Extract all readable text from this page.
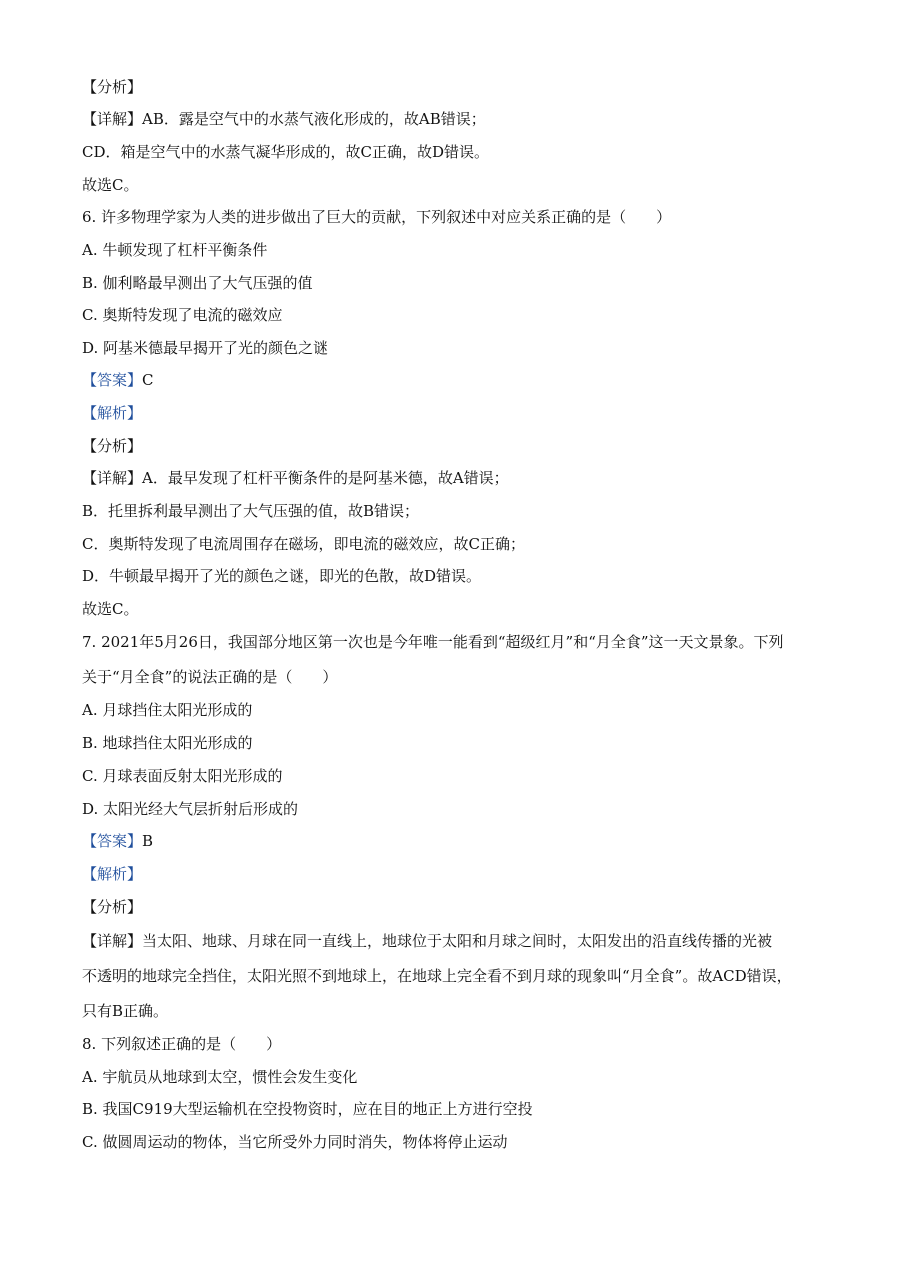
【分析】
【详解】AB．露是空气中的水蒸气液化形成的，故AB错误；
CD．箱是空气中的水蒸气凝华形成的，故C正确，故D错误。
故选C。
6. 许多物理学家为人类的进步做出了巨大的贡献，下列叙述中对应关系正确的是（　　）
A. 牛顿发现了杠杆平衡条件
B. 伽利略最早测出了大气压强的值
C. 奥斯特发现了电流的磁效应
D. 阿基米德最早揭开了光的颜色之谜
【答案】C
【解析】
【分析】
【详解】A．最早发现了杠杆平衡条件的是阿基米德，故A错误；
B．托里拆利最早测出了大气压强的值，故B错误；
C．奥斯特发现了电流周围存在磁场，即电流的磁效应，故C正确；
D．牛顿最早揭开了光的颜色之谜，即光的色散，故D错误。
故选C。
7. 2021年5月26日，我国部分地区第一次也是今年唯一能看到“超级红月”和“月全食”这一天文景象。下列
关于“月全食”的说法正确的是（　　）
A. 月球挡住太阳光形成的
B. 地球挡住太阳光形成的
C. 月球表面反射太阳光形成的
D. 太阳光经大气层折射后形成的
【答案】B
【解析】
【分析】
【详解】当太阳、地球、月球在同一直线上，地球位于太阳和月球之间时，太阳发出的沿直线传播的光被
不透明的地球完全挡住，太阳光照不到地球上，在地球上完全看不到月球的现象叫“月全食”。故ACD错误，
只有B正确。
8. 下列叙述正确的是（　　）
A. 宇航员从地球到太空，惯性会发生变化
B. 我国C919大型运输机在空投物资时，应在目的地正上方进行空投
C. 做圆周运动的物体，当它所受外力同时消失，物体将停止运动
